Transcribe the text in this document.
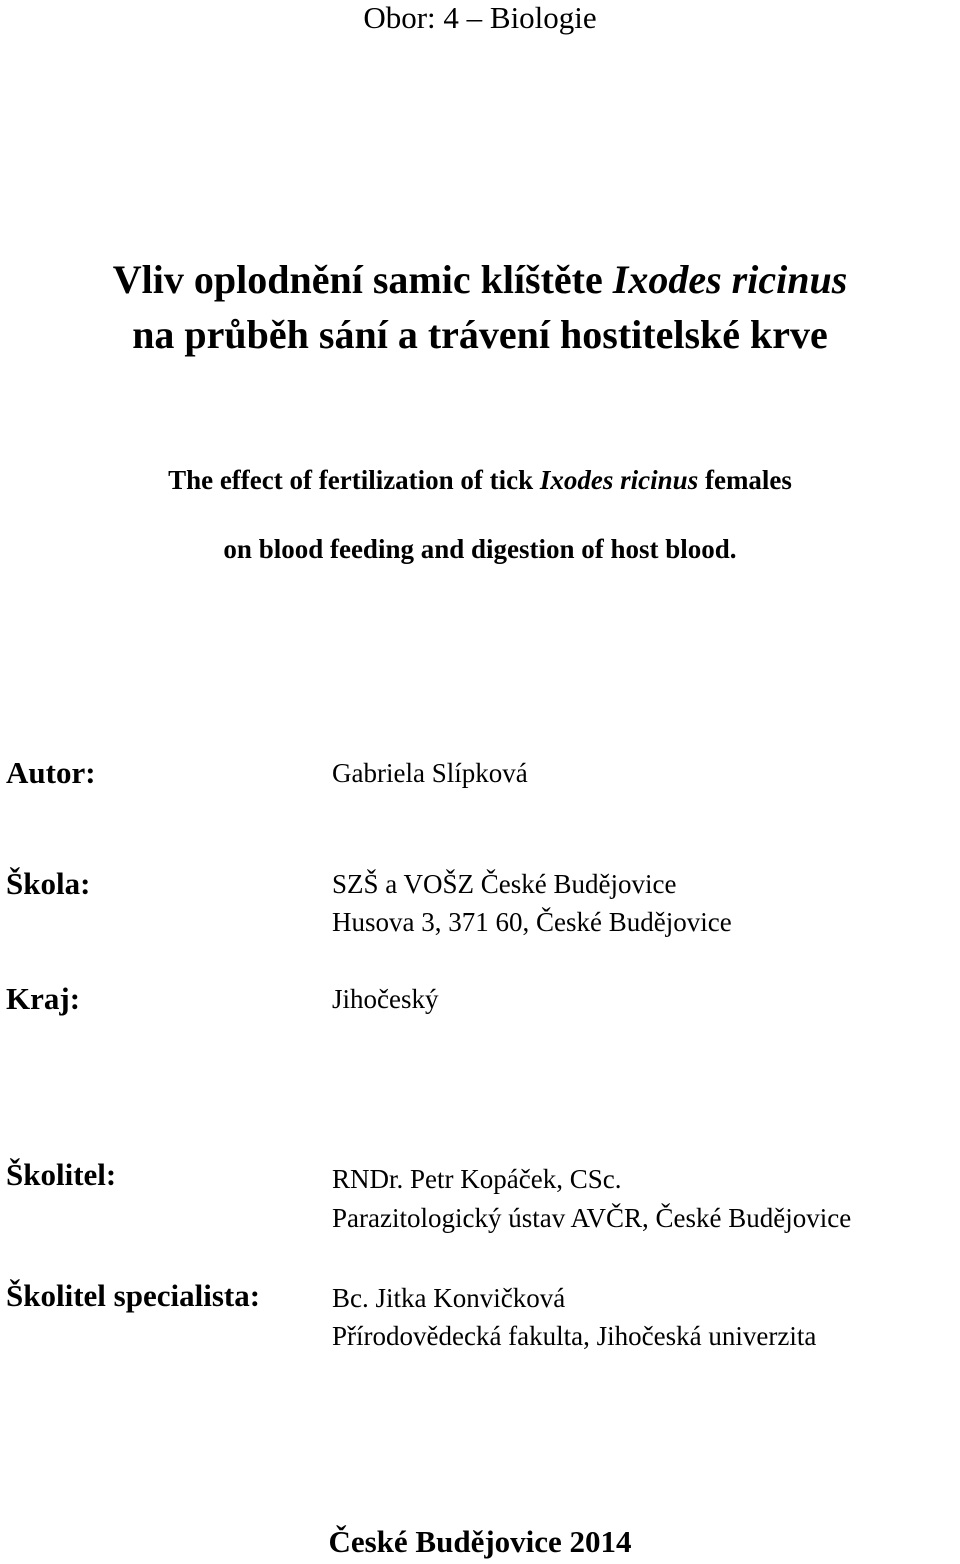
Obor: 4 – Biologie
Vliv oplodnění samic klíštěte Ixodes ricinus
na průběh sání a trávení hostitelské krve
The effect of fertilization of tick Ixodes ricinus females
on blood feeding and digestion of host blood.
Autor:	Gabriela Slípková
Škola:	SZŠ a VOŠZ České Budějovice
Husova 3, 371 60, České Budějovice
Kraj:	Jihočeský
Školitel:	RNDr. Petr Kopáček, CSc.
Parazitologický ústav AVČR, České Budějovice
Školitel specialista:	Bc. Jitka Konvičková
Přírodovědecká fakulta, Jihočeská univerzita
České Budějovice 2014
